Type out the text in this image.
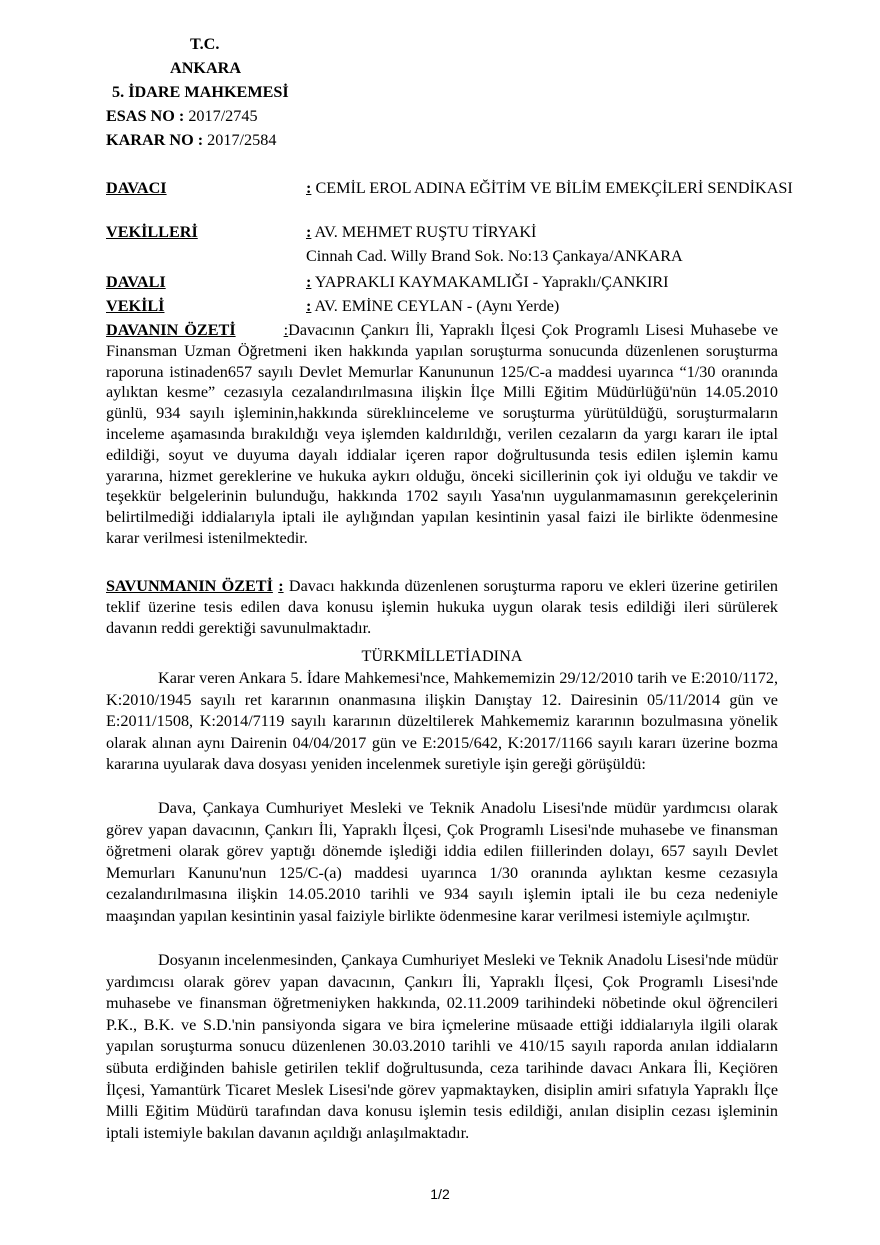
T.C.
ANKARA
5. İDARE MAHKEMESİ
ESAS NO : 2017/2745
KARAR NO : 2017/2584
DAVACI	: CEMİL EROL ADINA EĞİTİM VE BİLİM EMEKÇİLERİ SENDİKASI
VEKİLLERİ	: AV. MEHMET RUŞTU TİRYAKİ
Cinnah Cad. Willy Brand Sok. No:13 Çankaya/ANKARA
DAVALI	: YAPRAKLI KAYMAKAMLIĞI - Yapraklı/ÇANKIRI
VEKİLİ	: AV. EMİNE CEYLAN - (Aynı Yerde)
DAVANIN ÖZETİ	:Davacının Çankırı İli, Yapraklı İlçesi Çok Programlı Lisesi Muhasebe ve Finansman Uzman Öğretmeni iken hakkında yapılan soruşturma sonucunda düzenlenen soruşturma raporuna istinaden657 sayılı Devlet Memurlar Kanununun 125/C-a maddesi uyarınca “1/30 oranında aylıktan kesme” cezasıyla cezalandırılmasına ilişkin İlçe Milli Eğitim Müdürlüğü'nün 14.05.2010 günlü, 934 sayılı işleminin,hakkında süreklıinceleme ve soruşturma yürütüldüğü, soruşturmaların inceleme aşamasında bırakıldığı veya işlemden kaldırıldığı, verilen cezaların da yargı kararı ile iptal edildiği, soyut ve duyuma dayalı iddialar içeren rapor doğrultusunda tesis edilen işlemin kamu yararına, hizmet gereklerine ve hukuka aykırı olduğu, önceki sicillerinin çok iyi olduğu ve takdir ve teşekkür belgelerinin bulunduğu, hakkında 1702 sayılı Yasa'nın uygulanmamasının gerekçelerinin belirtilmediği iddialarıyla iptali ile aylığından yapılan kesintinin yasal faizi ile birlikte ödenmesine karar verilmesi istenilmektedir.
SAVUNMANIN ÖZETİ : Davacı hakkında düzenlenen soruşturma raporu ve ekleri üzerine getirilen teklif üzerine tesis edilen dava konusu işlemin hukuka uygun olarak tesis edildiği ileri sürülerek davanın reddi gerektiği savunulmaktadır.
TÜRKMİLLETİADINA
Karar veren Ankara 5. İdare Mahkemesi'nce, Mahkememizin 29/12/2010 tarih ve E:2010/1172, K:2010/1945 sayılı ret kararının onanmasına ilişkin Danıştay 12. Dairesinin 05/11/2014 gün ve E:2011/1508, K:2014/7119 sayılı kararının düzeltilerek Mahkememiz kararının bozulmasına yönelik olarak alınan aynı Dairenin 04/04/2017 gün ve E:2015/642, K:2017/1166 sayılı kararı üzerine bozma kararına uyularak dava dosyası yeniden incelenmek suretiyle işin gereği görüşüldü:
Dava, Çankaya Cumhuriyet Mesleki ve Teknik Anadolu Lisesi'nde müdür yardımcısı olarak görev yapan davacının, Çankırı İli, Yapraklı İlçesi, Çok Programlı Lisesi'nde muhasebe ve finansman öğretmeni olarak görev yaptığı dönemde işlediği iddia edilen fiillerinden dolayı, 657 sayılı Devlet Memurları Kanunu'nun 125/C-(a) maddesi uyarınca 1/30 oranında aylıktan kesme cezasıyla cezalandırılmasına ilişkin 14.05.2010 tarihli ve 934 sayılı işlemin iptali ile bu ceza nedeniyle maaşından yapılan kesintinin yasal faiziyle birlikte ödenmesine karar verilmesi istemiyle açılmıştır.
Dosyanın incelenmesinden, Çankaya Cumhuriyet Mesleki ve Teknik Anadolu Lisesi'nde müdür yardımcısı olarak görev yapan davacının, Çankırı İli, Yapraklı İlçesi, Çok Programlı Lisesi'nde muhasebe ve finansman öğretmeniyken hakkında, 02.11.2009 tarihindeki nöbetinde okul öğrencileri P.K., B.K. ve S.D.'nin pansiyonda sigara ve bira içmelerine müsaade ettiği iddialarıyla ilgili olarak yapılan soruşturma sonucu düzenlenen 30.03.2010 tarihli ve 410/15 sayılı raporda anılan iddiaların sübuta erdiğinden bahisle getirilen teklif doğrultusunda, ceza tarihinde davacı Ankara İli, Keçiören İlçesi, Yamantürk Ticaret Meslek Lisesi'nde görev yapmaktayken, disiplin amiri sıfatıyla Yapraklı İlçe Milli Eğitim Müdürü tarafından dava konusu işlemin tesis edildiği, anılan disiplin cezası işleminin iptali istemiyle bakılan davanın açıldığı anlaşılmaktadır.
1/2
